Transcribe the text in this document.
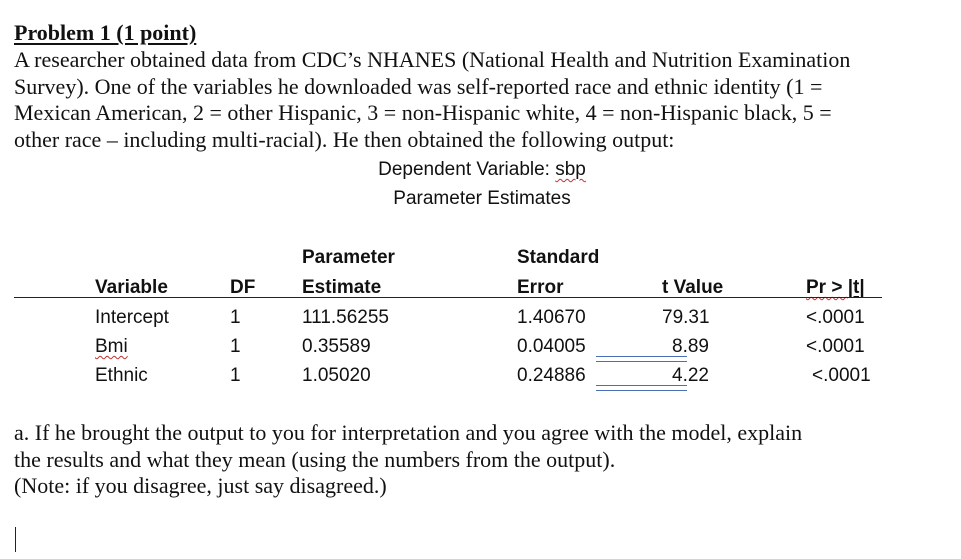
Problem 1 (1 point)
A researcher obtained data from CDC’s NHANES (National Health and Nutrition Examination
Survey). One of the variables he downloaded was self-reported race and ethnic identity (1 =
Mexican American, 2 = other Hispanic, 3 = non-Hispanic white, 4 = non-Hispanic black, 5 =
other race – including multi-racial). He then obtained the following output:
Dependent Variable: sbp
Parameter Estimates
Parameter	Standard
Variable	DF Estimate	Error	t Value	Pr > |t|
Intercept	1	111.56255	1.40670	79.31	<.0001
Bmi	1	0.35589	0.04005	8.89	<.0001
Ethnic	1	1.05020	0.24886	4.22	<.0001
a. If he brought the output to you for interpretation and you agree with the model, explain
the results and what they mean (using the numbers from the output).
(Note: if you disagree, just say disagreed.)
